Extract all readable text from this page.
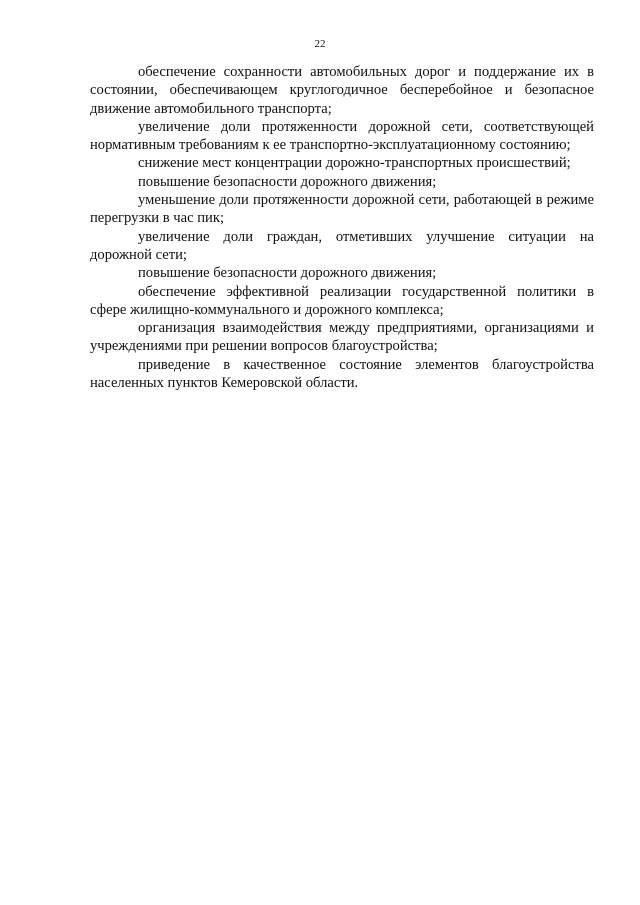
22

обеспечение сохранности автомобильных дорог и поддержание их в состоянии, обеспечивающем круглогодичное бесперебойное и безопасное движение автомобильного транспорта;

увеличение доли протяженности дорожной сети, соответствующей нормативным требованиям к ее транспортно-эксплуатационному состоянию;

снижение мест концентрации дорожно-транспортных происшествий;

повышение безопасности дорожного движения;

уменьшение доли протяженности дорожной сети, работающей в режиме перегрузки в час пик;

увеличение доли граждан, отметивших улучшение ситуации на дорожной сети;

повышение безопасности дорожного движения;

обеспечение эффективной реализации государственной политики в сфере жилищно-коммунального и дорожного комплекса;

организация взаимодействия между предприятиями, организациями и учреждениями при решении вопросов благоустройства;

приведение в качественное состояние элементов благоустройства населенных пунктов Кемеровской области.
